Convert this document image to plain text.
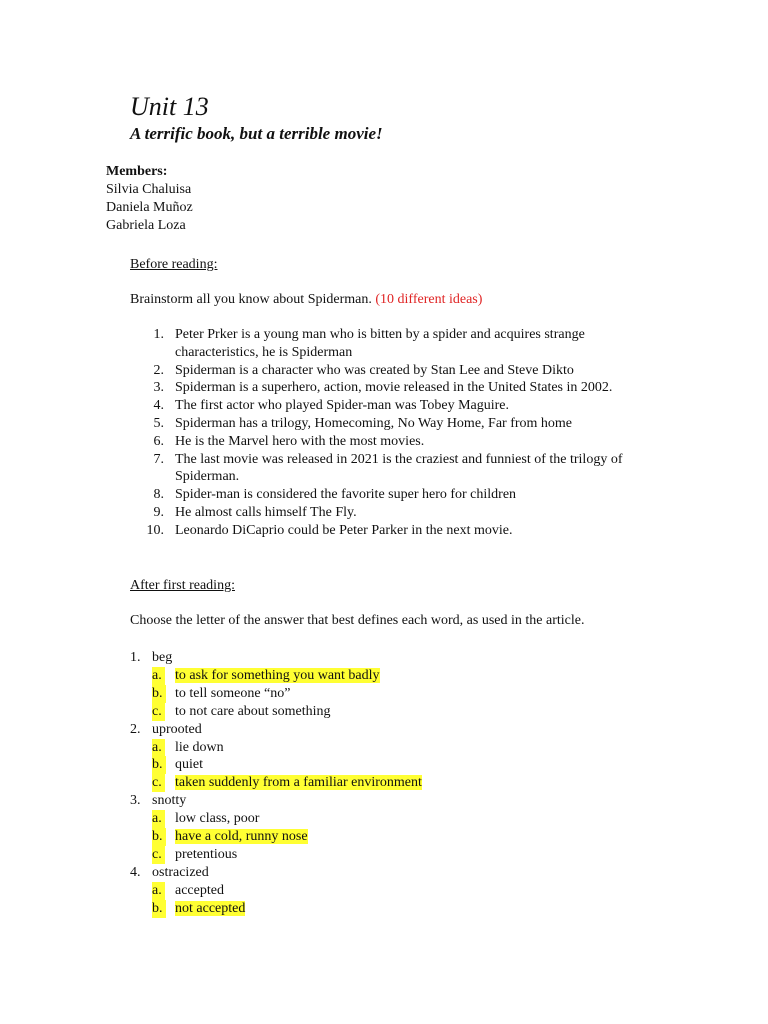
Unit 13
A terrific book, but a terrible movie!
Members:
Silvia Chaluisa
Daniela Muñoz
Gabriela Loza
Before reading:
Brainstorm all you know about Spiderman. (10 different ideas)
1. Peter Prker is a young man who is bitten by a spider and acquires strange
characteristics, he is Spiderman
2. Spiderman is a character who was created by Stan Lee and Steve Dikto
3. Spiderman is a superhero, action, movie released in the United States in 2002.
4. The first actor who played Spider-man was Tobey Maguire.
5. Spiderman has a trilogy, Homecoming, No Way Home, Far from home
6. He is the Marvel hero with the most movies.
7. The last movie was released in 2021 is the craziest and funniest of the trilogy of
Spiderman.
8. Spider-man is considered the favorite super hero for children
9. He almost calls himself The Fly.
10. Leonardo DiCaprio could be Peter Parker in the next movie.
After first reading:
Choose the letter of the answer that best defines each word, as used in the article.
1. beg
a. to ask for something you want badly
b. to tell someone “no”
c. to not care about something
2. uprooted
a. lie down
b. quiet
c. taken suddenly from a familiar environment
3. snotty
a. low class, poor
b. have a cold, runny nose
c. pretentious
4. ostracized
a. accepted
b. not accepted
